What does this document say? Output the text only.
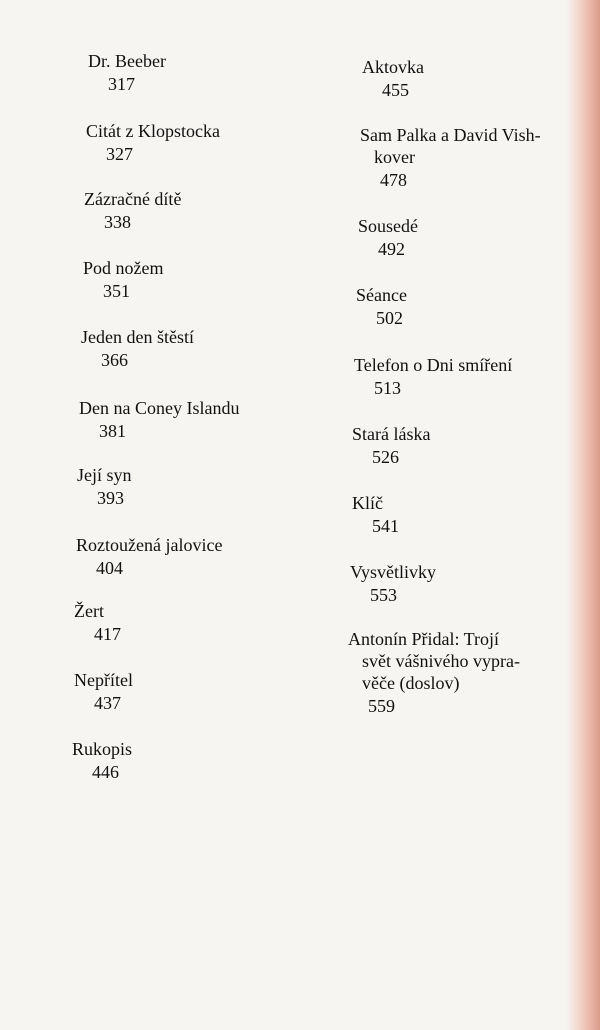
Dr. Beeber
317
Citát z Klopstocka
327
Zázračné dítě
338
Pod nožem
351
Jeden den štěstí
366
Den na Coney Islandu
381
Její syn
393
Roztoužená jalovice
404
Žert
417
Nepřítel
437
Rukopis
446
Aktovka
455
Sam Palka a David Vish-
kover
478
Sousedé
492
Séance
502
Telefon o Dni smíření
513
Stará láska
526
Klíč
541
Vysvětlivky
553
Antonín Přidal: Trojí
svět vášnivého vypra-
věče (doslov)
559
